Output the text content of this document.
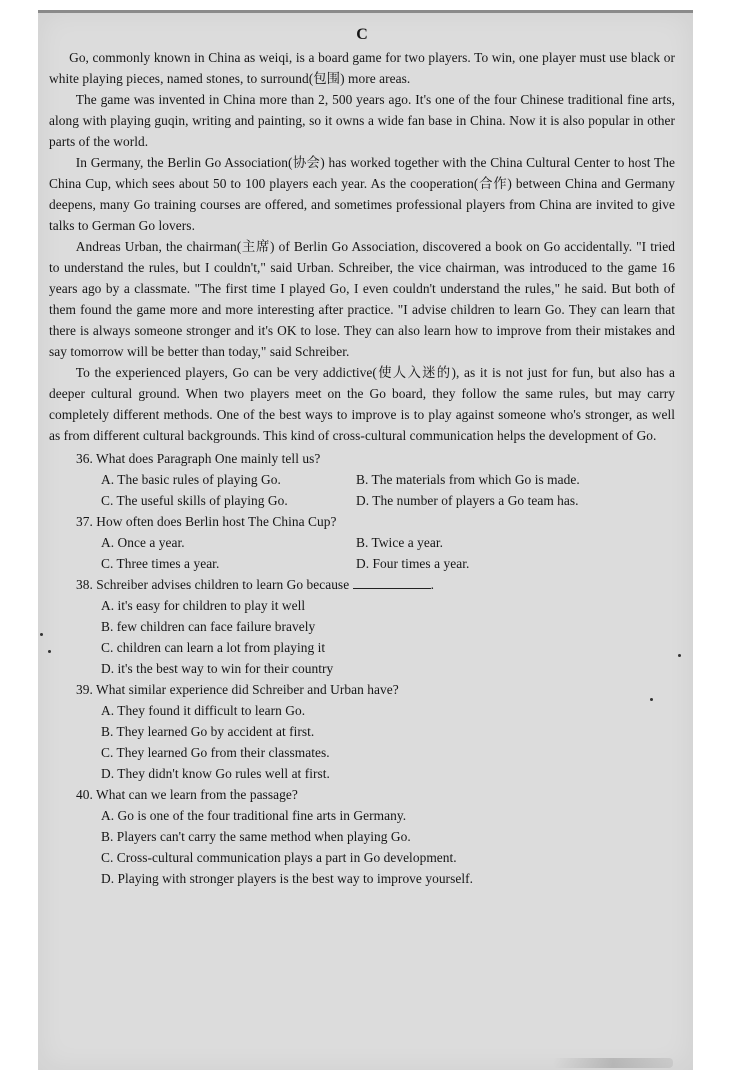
C

Go, commonly known in China as weiqi, is a board game for two players. To win, one player must use black or white playing pieces, named stones, to surround(包围) more areas.

The game was invented in China more than 2, 500 years ago. It's one of the four Chinese traditional fine arts, along with playing guqin, writing and painting, so it owns a wide fan base in China. Now it is also popular in other parts of the world.

In Germany, the Berlin Go Association(协会) has worked together with the China Cultural Center to host The China Cup, which sees about 50 to 100 players each year. As the cooperation(合作) between China and Germany deepens, many Go training courses are offered, and sometimes professional players from China are invited to give talks to German Go lovers.

Andreas Urban, the chairman(主席) of Berlin Go Association, discovered a book on Go accidentally. "I tried to understand the rules, but I couldn't," said Urban. Schreiber, the vice chairman, was introduced to the game 16 years ago by a classmate. "The first time I played Go, I even couldn't understand the rules," he said. But both of them found the game more and more interesting after practice. "I advise children to learn Go. They can learn that there is always someone stronger and it's OK to lose. They can also learn how to improve from their mistakes and say tomorrow will be better than today," said Schreiber.

To the experienced players, Go can be very addictive(使人入迷的), as it is not just for fun, but also has a deeper cultural ground. When two players meet on the Go board, they follow the same rules, but may carry completely different methods. One of the best ways to improve is to play against someone who's stronger, as well as from different cultural backgrounds. This kind of cross-cultural communication helps the development of Go.

36. What does Paragraph One mainly tell us?

A. The basic rules of playing Go.	B. The materials from which Go is made.
C. The useful skills of playing Go.	D. The number of players a Go team has.

37. How often does Berlin host The China Cup?

A. Once a year.	B. Twice a year.
C. Three times a year.	D. Four times a year.

38. Schreiber advises children to learn Go because	.

A. it's easy for children to play it well
B. few children can face failure bravely
C. children can learn a lot from playing it
D. it's the best way to win for their country

39. What similar experience did Schreiber and Urban have?

A. They found it difficult to learn Go.
B. They learned Go by accident at first.
C. They learned Go from their classmates.
D. They didn't know Go rules well at first.

40. What can we learn from the passage?

A. Go is one of the four traditional fine arts in Germany.
B. Players can't carry the same method when playing Go.
C. Cross-cultural communication plays a part in Go development.
D. Playing with stronger players is the best way to improve yourself.
